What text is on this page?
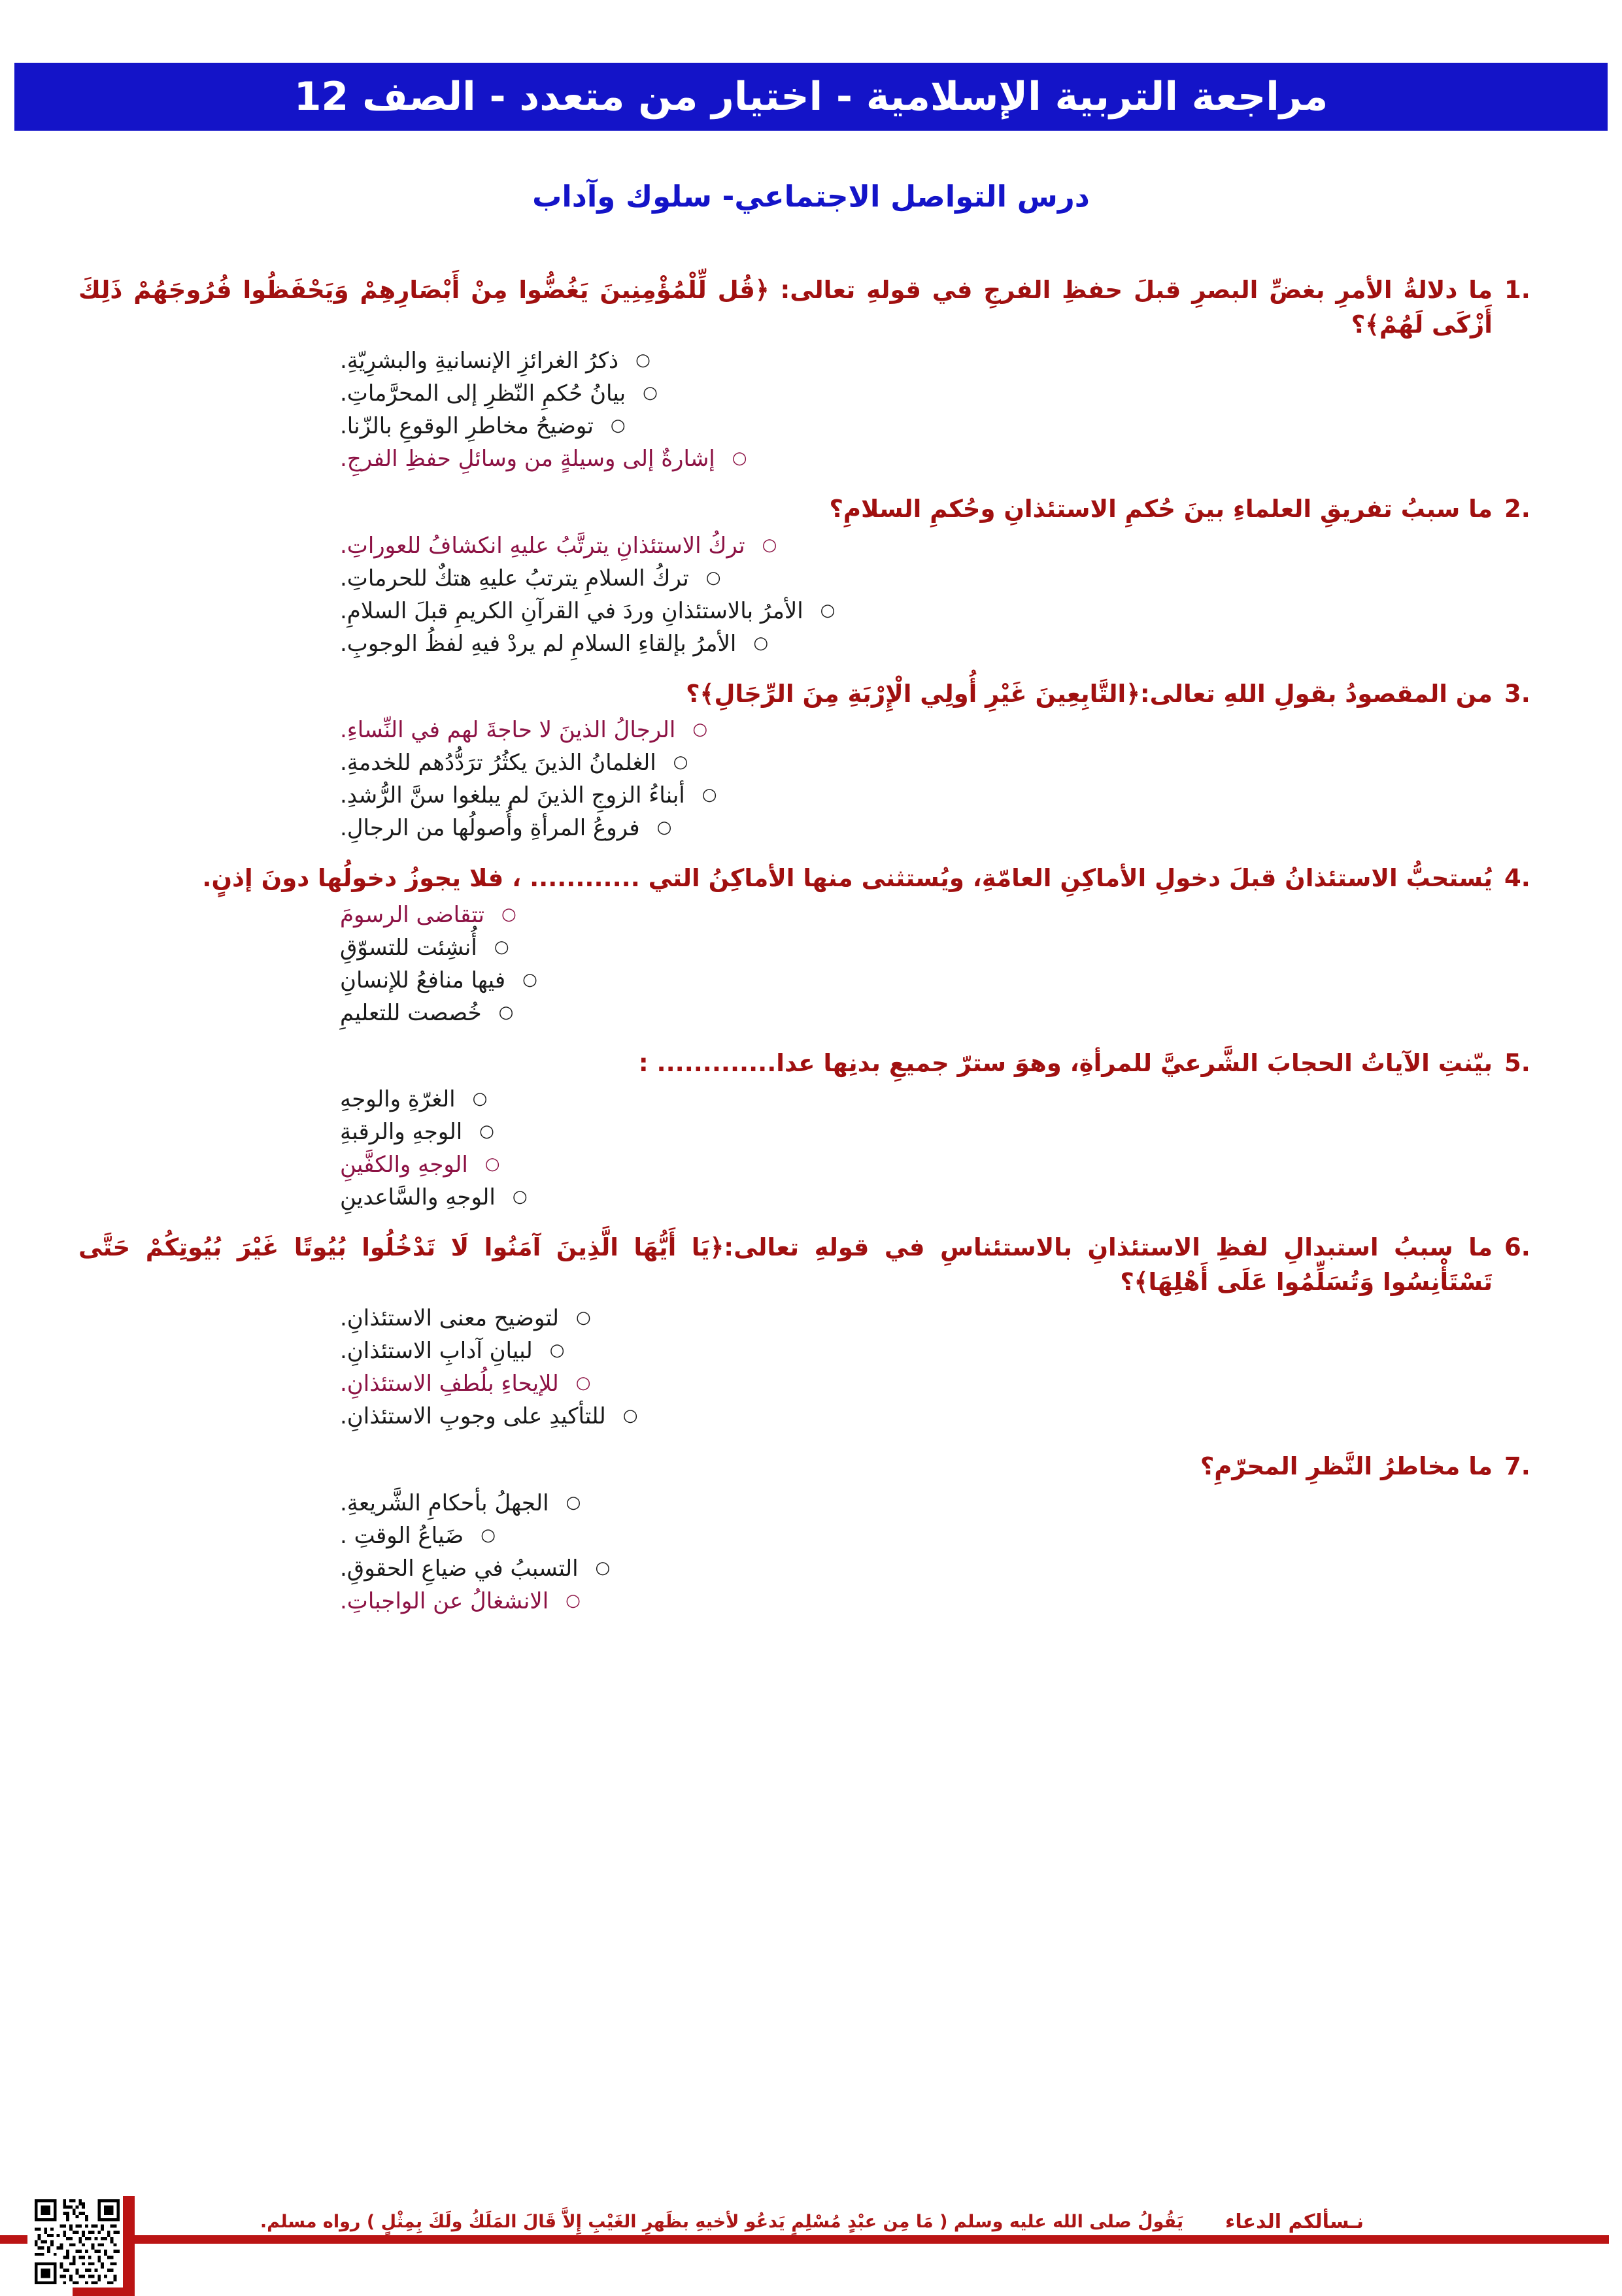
مراجعة التربية الإسلامية - اختيار من متعدد - الصف 12
درس التواصل الاجتماعي- سلوك وآداب
1.
ما دلالةُ الأمرِ بغضِّ البصرِ قبلَ حفظِ الفرجِ في قولهِ تعالى: ﴿قُل لِّلْمُؤْمِنِينَ يَغُضُّوا مِنْ أَبْصَارِهِمْ وَيَحْفَظُوا فُرُوجَهُمْ ذَلِكَ أَزْكَى لَهُمْ﴾؟
○
ذكرُ الغرائزِ الإنسانيةِ والبشرِيّةِ.
○
بيانُ حُكمِ النّظرِ إلى المحرَّماتِ.
○
توضيحُ مخاطرِ الوقوعِ بالزّنا.
○
إشارةٌ إلى وسيلةٍ من وسائلِ حفظِ الفرجِ.
2.
ما سببُ تفريقِ العلماءِ بينَ حُكمِ الاستئذانِ وحُكمِ السلامِ؟
○
تركُ الاستئذانِ يترتَّبُ عليهِ انكشافُ للعوراتِ.
○
تركُ السلامِ يترتبُ عليهِ هتكٌ للحرماتِ.
○
الأمرُ بالاستئذانِ وردَ في القرآنِ الكريمِ قبلَ السلامِ.
○
الأمرُ بإلقاءِ السلامِ لم يردْ فيهِ لفظُ الوجوبِ.
3.
من المقصودُ بقولِ اللهِ تعالى:﴿التَّابِعِينَ غَيْرِ أُولِي الْإِرْبَةِ مِنَ الرِّجَالِ﴾؟
○
الرجالُ الذينَ لا حاجةَ لهم في النِّساءِ.
○
الغلمانُ الذينَ يكثُرُ ترَدُّدُهم للخدمةِ.
○
أبناءُ الزوجِ الذينَ لم يبلغوا سنَّ الرُّشدِ.
○
فروعُ المرأةِ وأُصولُها من الرجالِ.
4.
يُستحبُّ الاستئذانُ قبلَ دخولِ الأماكِنِ العامّةِ، ويُستثنى منها الأماكِنُ التي ............ ، فلا يجوزُ دخولُها دونَ إذنٍ.
○
تتقاضى الرسومَ
○
أُنشِئت للتسوّقِ
○
فيها منافعُ للإنسانِ
○
خُصصت للتعليمِ
5.
بيّنتِ الآياتُ الحجابَ الشَّرعيَّ للمرأةِ، وهوَ سترّ جميعِ بدنِها عدا............. :
○
الغرّةِ والوجهِ
○
الوجهِ والرقبةِ
○
الوجهِ والكفَّينِ
○
الوجهِ والسَّاعدينِ
6.
ما سببُ استبدالِ لفظِ الاستئذانِ بالاستئناسِ في قولهِ تعالى:﴿يَا أَيُّهَا الَّذِينَ آمَنُوا لَا تَدْخُلُوا بُيُوتًا غَيْرَ بُيُوتِكُمْ حَتَّى تَسْتَأْنِسُوا وَتُسَلِّمُوا عَلَى أَهْلِهَا﴾؟
○
لتوضيح معنى الاستئذانِ.
○
لبيانِ آدابِ الاستئذانِ.
○
للإيحاءِ بلُطفِ الاستئذانِ.
○
للتأكيدِ على وجوبِ الاستئذانِ.
7.
ما مخاطرُ النَّظرِ المحرّمِ؟
○
الجهلُ بأحكامِ الشَّريعةِ.
○
ضَياعُ الوقتِ .
○
التسببُ في ضياعِ الحقوقِ.
○
الانشغالُ عن الواجباتِ.
نـسألكم الدعاء
يَقُولُ صلى الله عليه وسلم ( مَا مِن عبْدٍ مُسْلِمٍ يَدعُو لأخيهِ بظَهرِ الغَيْبِ إِلاَّ قَالَ المَلَكُ ولَكَ بِمِثْلٍ ) رواه مسلم.
